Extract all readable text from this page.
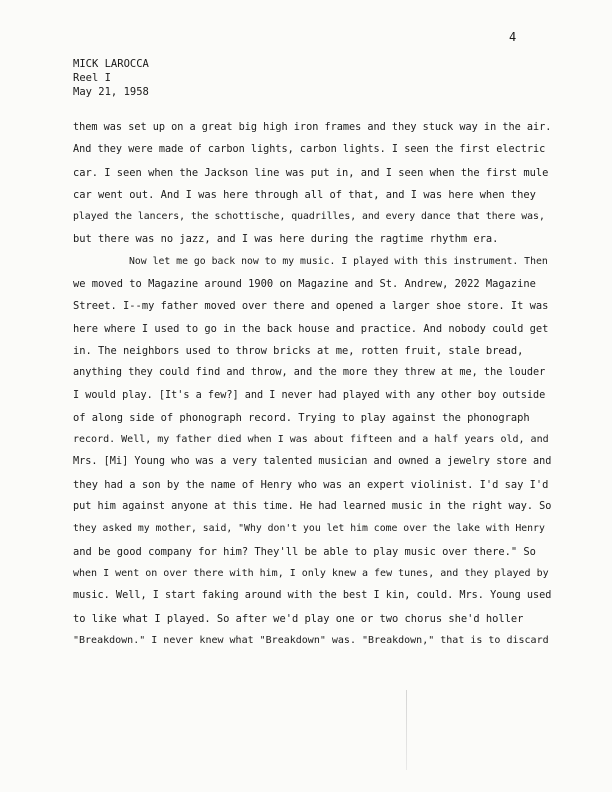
4
MICK LAROCCA
Reel I
May 21, 1958
them was set up on a great big high iron frames and they stuck way in the air.
And they were made of carbon lights, carbon lights. I seen the first electric
car. I seen when the Jackson line was put in, and I seen when the first mule
car went out. And I was here through all of that, and I was here when they
played the lancers, the schottische, quadrilles, and every dance that there was,
but there was no jazz, and I was here during the ragtime rhythm era.
Now let me go back now to my music. I played with this instrument. Then
we moved to Magazine around 1900 on Magazine and St. Andrew, 2022 Magazine
Street. I--my father moved over there and opened a larger shoe store. It was
here where I used to go in the back house and practice. And nobody could get
in. The neighbors used to throw bricks at me, rotten fruit, stale bread,
anything they could find and throw, and the more they threw at me, the louder
I would play. [It's a few?] and I never had played with any other boy outside
of along side of phonograph record. Trying to play against the phonograph
record. Well, my father died when I was about fifteen and a half years old, and
Mrs. [Mi] Young who was a very talented musician and owned a jewelry store and
they had a son by the name of Henry who was an expert violinist. I'd say I'd
put him against anyone at this time. He had learned music in the right way. So
they asked my mother, said, "Why don't you let him come over the lake with Henry
and be good company for him? They'll be able to play music over there." So
when I went on over there with him, I only knew a few tunes, and they played by
music. Well, I start faking around with the best I kin, could. Mrs. Young used
to like what I played. So after we'd play one or two chorus she'd holler
"Breakdown." I never knew what "Breakdown" was. "Breakdown," that is to discard
